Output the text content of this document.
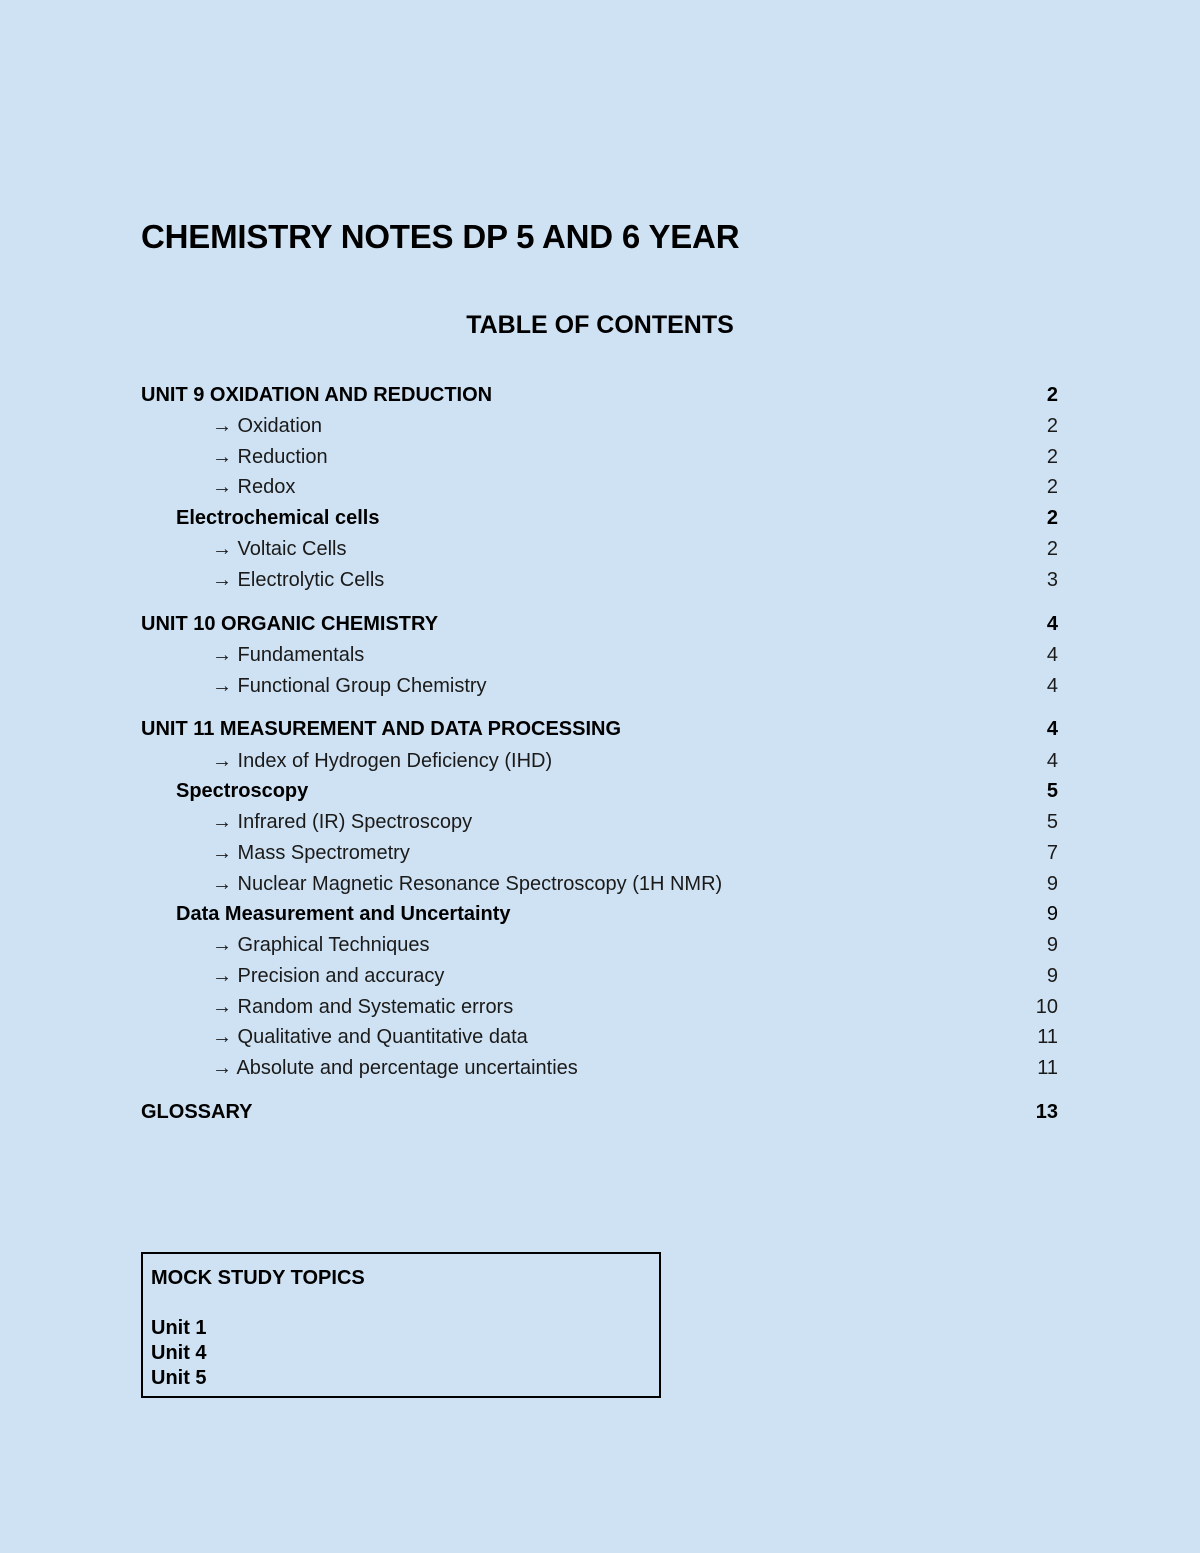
CHEMISTRY NOTES DP 5 AND 6 YEAR
TABLE OF CONTENTS
UNIT 9 OXIDATION AND REDUCTION	2
→ Oxidation	2
→ Reduction	2
→ Redox	2
Electrochemical cells	2
→ Voltaic Cells	2
→ Electrolytic Cells	3
UNIT 10 ORGANIC CHEMISTRY	4
→ Fundamentals	4
→ Functional Group Chemistry	4
UNIT 11 MEASUREMENT AND DATA PROCESSING	4
→ Index of Hydrogen Deficiency (IHD)	4
Spectroscopy	5
→ Infrared (IR) Spectroscopy	5
→ Mass Spectrometry	7
→ Nuclear Magnetic Resonance Spectroscopy (1H NMR)	9
Data Measurement and Uncertainty	9
→ Graphical Techniques	9
→ Precision and accuracy	9
→ Random and Systematic errors	10
→ Qualitative and Quantitative data	11
→ Absolute and percentage uncertainties	11
GLOSSARY	13
MOCK STUDY TOPICS
Unit 1
Unit 4
Unit 5
